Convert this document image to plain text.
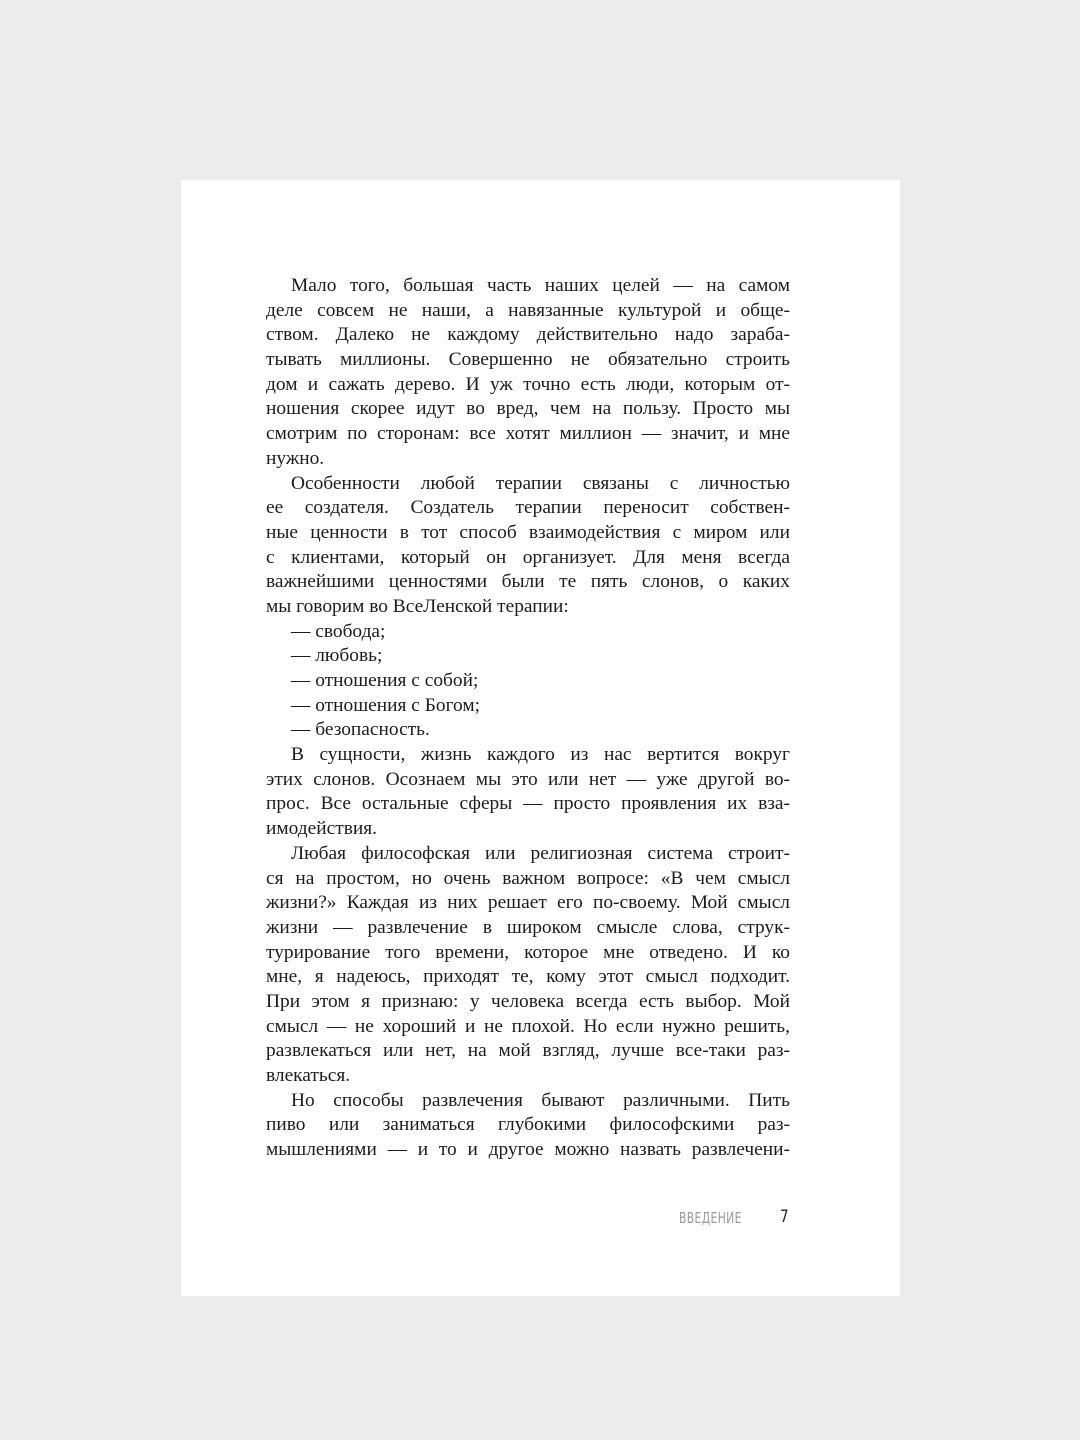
Мало того, большая часть наших целей — на самом
деле совсем не наши, а навязанные культурой и обще-
ством. Далеко не каждому действительно надо зараба-
тывать миллионы. Совершенно не обязательно строить
дом и сажать дерево. И уж точно есть люди, которым от-
ношения скорее идут во вред, чем на пользу. Просто мы
смотрим по сторонам: все хотят миллион — значит, и мне
нужно.
Особенности любой терапии связаны с личностью
ее создателя. Создатель терапии переносит собствен-
ные ценности в тот способ взаимодействия с миром или
с клиентами, который он организует. Для меня всегда
важнейшими ценностями были те пять слонов, о каких
мы говорим во ВсеЛенской терапии:
— свобода;
— любовь;
— отношения с собой;
— отношения с Богом;
— безопасность.
В сущности, жизнь каждого из нас вертится вокруг
этих слонов. Осознаем мы это или нет — уже другой во-
прос. Все остальные сферы — просто проявления их вза-
имодействия.
Любая философская или религиозная система строит-
ся на простом, но очень важном вопросе: «В чем смысл
жизни?» Каждая из них решает его по-своему. Мой смысл
жизни — развлечение в широком смысле слова, струк-
турирование того времени, которое мне отведено. И ко
мне, я надеюсь, приходят те, кому этот смысл подходит.
При этом я признаю: у человека всегда есть выбор. Мой
смысл — не хороший и не плохой. Но если нужно решить,
развлекаться или нет, на мой взгляд, лучше все-таки раз-
влекаться.
Но способы развлечения бывают различными. Пить
пиво или заниматься глубокими философскими раз-
мышлениями — и то и другое можно назвать развлечени-
ВВЕДЕНИЕ 7
